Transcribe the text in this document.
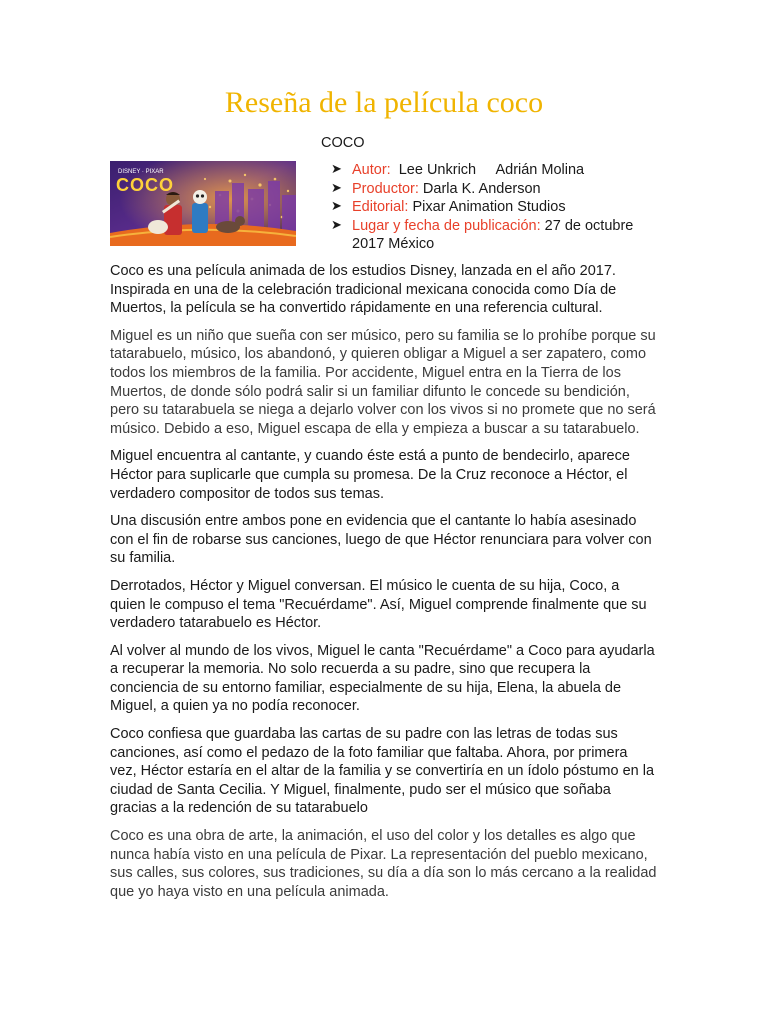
Reseña de la película coco
COCO
DISNEY · PIXAR
COCO
➤ Autor:  Lee Unkrich     Adrián Molina
➤ Productor: Darla K. Anderson
➤ Editorial: Pixar Animation Studios
➤ Lugar y fecha de publicación: 27 de octubre 2017 México

Coco es una película animada de los estudios Disney, lanzada en el año 2017. Inspirada en una de la celebración tradicional mexicana conocida como Día de Muertos, la película se ha convertido rápidamente en una referencia cultural.

Miguel es un niño que sueña con ser músico, pero su familia se lo prohíbe porque su tatarabuelo, músico, los abandonó, y quieren obligar a Miguel a ser zapatero, como todos los miembros de la familia. Por accidente, Miguel entra en la Tierra de los Muertos, de donde sólo podrá salir si un familiar difunto le concede su bendición, pero su tatarabuela se niega a dejarlo volver con los vivos si no promete que no será músico. Debido a eso, Miguel escapa de ella y empieza a buscar a su tatarabuelo.

Miguel encuentra al cantante, y cuando éste está a punto de bendecirlo, aparece Héctor para suplicarle que cumpla su promesa. De la Cruz reconoce a Héctor, el verdadero compositor de todos sus temas.

Una discusión entre ambos pone en evidencia que el cantante lo había asesinado con el fin de robarse sus canciones, luego de que Héctor renunciara para volver con su familia.

Derrotados, Héctor y Miguel conversan. El músico le cuenta de su hija, Coco, a quien le compuso el tema "Recuérdame". Así, Miguel comprende finalmente que su verdadero tatarabuelo es Héctor.

Al volver al mundo de los vivos, Miguel le canta "Recuérdame" a Coco para ayudarla a recuperar la memoria. No solo recuerda a su padre, sino que recupera la conciencia de su entorno familiar, especialmente de su hija, Elena, la abuela de Miguel, a quien ya no podía reconocer.

Coco confiesa que guardaba las cartas de su padre con las letras de todas sus canciones, así como el pedazo de la foto familiar que faltaba. Ahora, por primera vez, Héctor estaría en el altar de la familia y se convertiría en un ídolo póstumo en la ciudad de Santa Cecilia. Y Miguel, finalmente, pudo ser el músico que soñaba gracias a la redención de su tatarabuelo

Coco es una obra de arte, la animación, el uso del color y los detalles es algo que nunca había visto en una película de Pixar. La representación del pueblo mexicano, sus calles, sus colores, sus tradiciones, su día a día son lo más cercano a la realidad que yo haya visto en una película animada.
